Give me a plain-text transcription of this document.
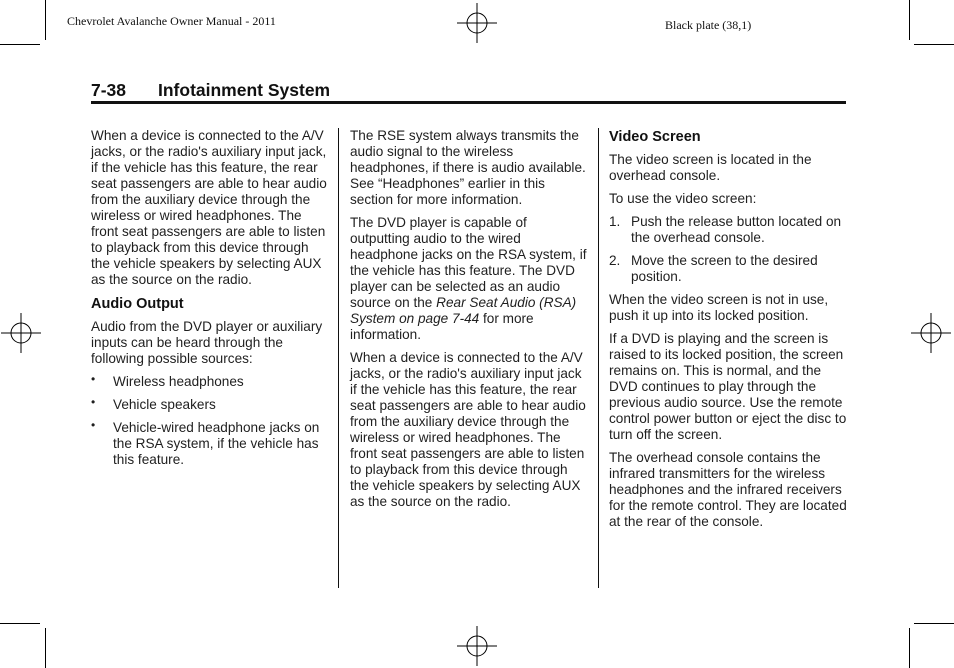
Chevrolet Avalanche Owner Manual - 2011	Black plate (38,1)
7-38 Infotainment System

When a device is connected to the A/V jacks, or the radio's auxiliary input jack, if the vehicle has this feature, the rear seat passengers are able to hear audio from the auxiliary device through the wireless or wired headphones. The front seat passengers are able to listen to playback from this device through the vehicle speakers by selecting AUX as the source on the radio.

Audio Output

Audio from the DVD player or auxiliary inputs can be heard through the following possible sources:

• Wireless headphones
• Vehicle speakers
• Vehicle-wired headphone jacks on the RSA system, if the vehicle has this feature.

The RSE system always transmits the audio signal to the wireless headphones, if there is audio available. See “Headphones” earlier in this section for more information.

The DVD player is capable of outputting audio to the wired headphone jacks on the RSA system, if the vehicle has this feature. The DVD player can be selected as an audio source on the Rear Seat Audio (RSA) System on page 7-44 for more information.

When a device is connected to the A/V jacks, or the radio's auxiliary input jack if the vehicle has this feature, the rear seat passengers are able to hear audio from the auxiliary device through the wireless or wired headphones. The front seat passengers are able to listen to playback from this device through the vehicle speakers by selecting AUX as the source on the radio.

Video Screen

The video screen is located in the overhead console.

To use the video screen:

1. Push the release button located on the overhead console.
2. Move the screen to the desired position.

When the video screen is not in use, push it up into its locked position.

If a DVD is playing and the screen is raised to its locked position, the screen remains on. This is normal, and the DVD continues to play through the previous audio source. Use the remote control power button or eject the disc to turn off the screen.

The overhead console contains the infrared transmitters for the wireless headphones and the infrared receivers for the remote control. They are located at the rear of the console.
